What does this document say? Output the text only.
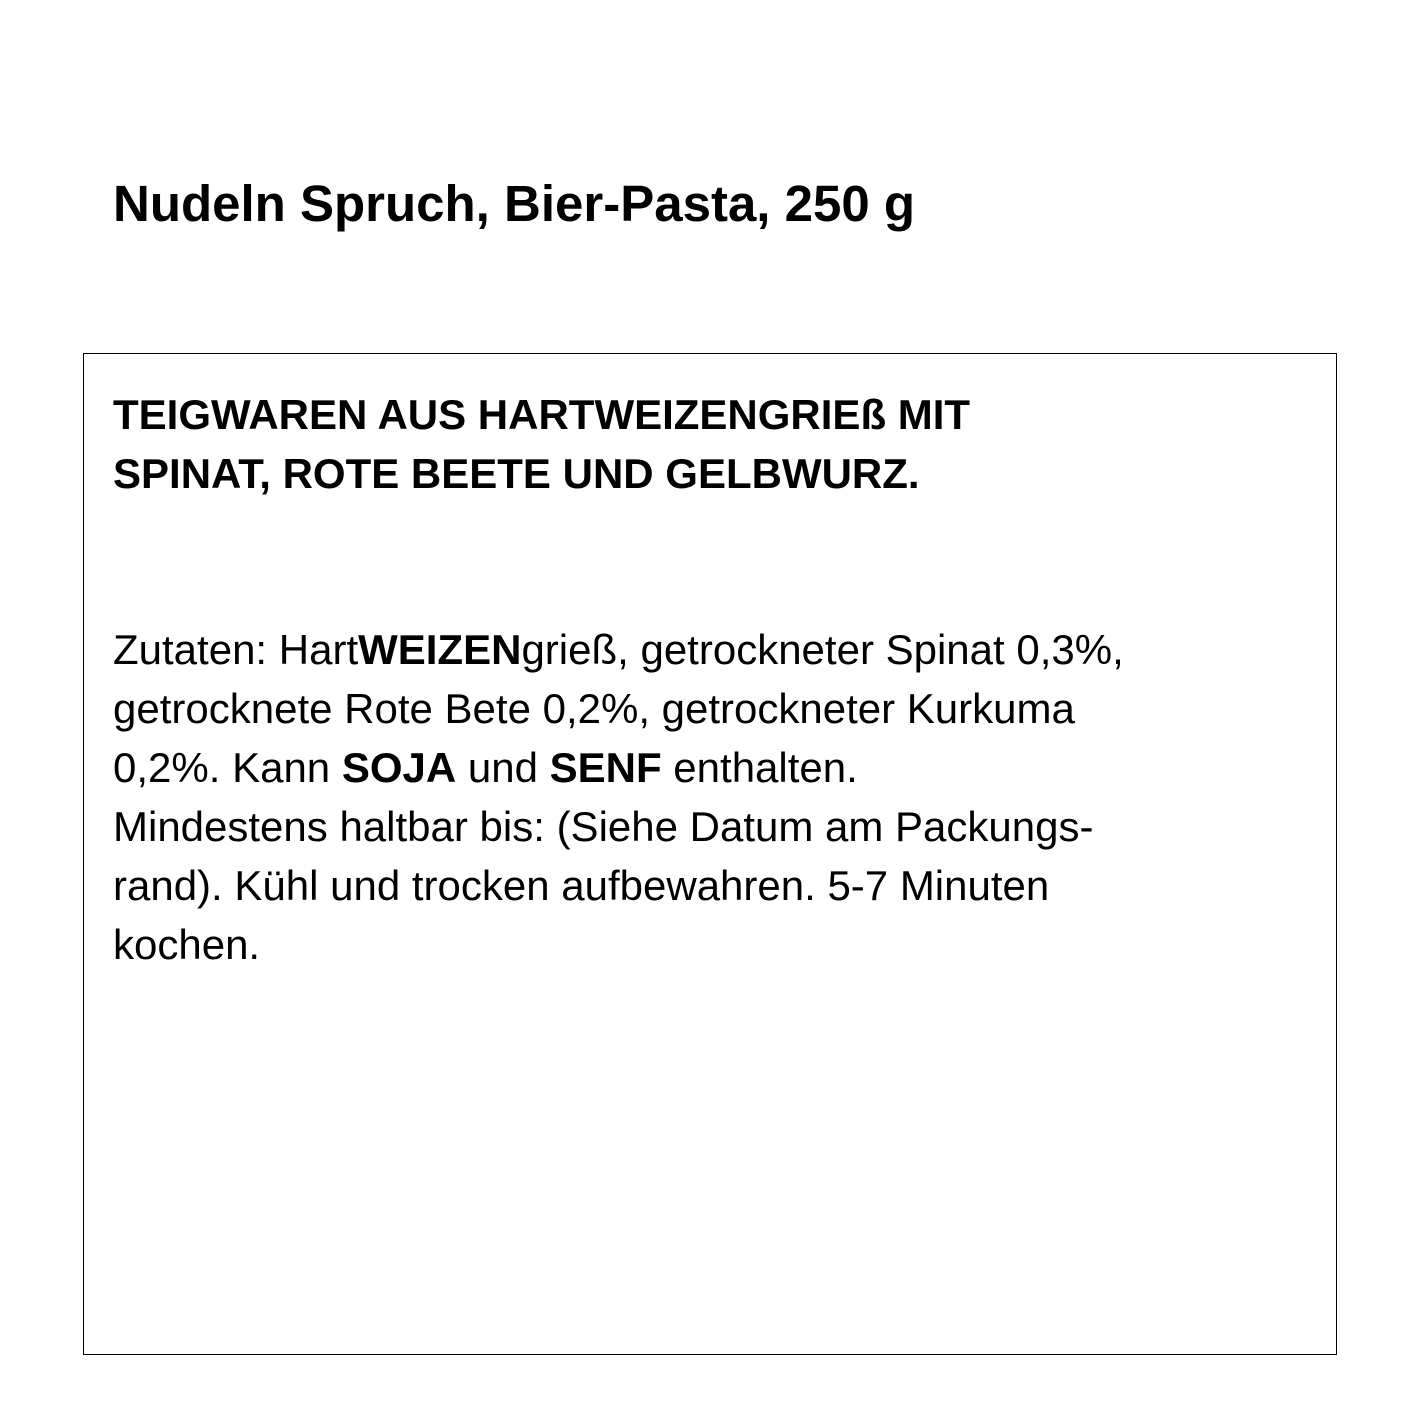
Nudeln Spruch, Bier-Pasta, 250 g

TEIGWAREN AUS HARTWEIZENGRIEß MIT
SPINAT, ROTE BEETE UND GELBWURZ.

Zutaten: HartWEIZENgrieß, getrockneter Spinat 0,3%,
getrocknete Rote Bete 0,2%, getrockneter Kurkuma
0,2%. Kann SOJA und SENF enthalten.
Mindestens haltbar bis: (Siehe Datum am Packungs-
rand). Kühl und trocken aufbewahren. 5-7 Minuten
kochen.
